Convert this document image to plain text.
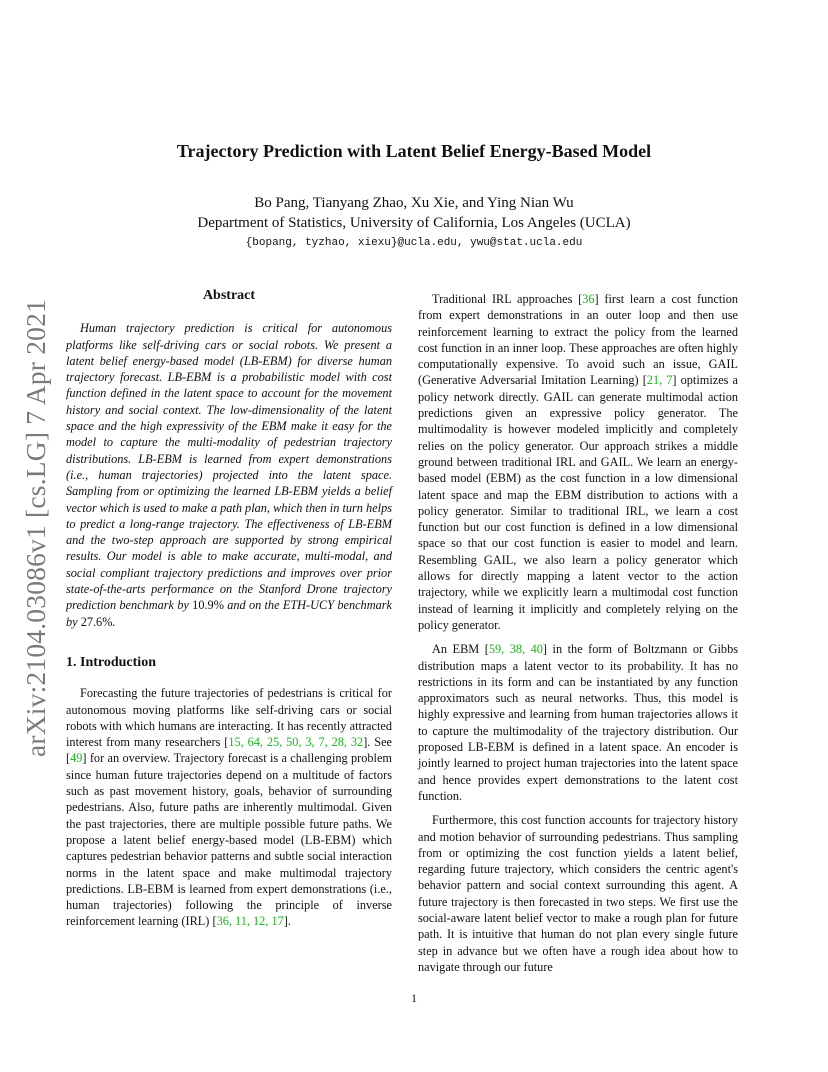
arXiv:2104.03086v1 [cs.LG] 7 Apr 2021
Trajectory Prediction with Latent Belief Energy-Based Model
Bo Pang, Tianyang Zhao, Xu Xie, and Ying Nian Wu
Department of Statistics, University of California, Los Angeles (UCLA)
{bopang, tyzhao, xiexu}@ucla.edu, ywu@stat.ucla.edu
Abstract

Human trajectory prediction is critical for autonomous platforms like self-driving cars or social robots. We present a latent belief energy-based model (LB-EBM) for diverse human trajectory forecast. LB-EBM is a probabilistic model with cost function defined in the latent space to account for the movement history and social context. The low-dimensionality of the latent space and the high expressivity of the EBM make it easy for the model to capture the multi-modality of pedestrian trajectory distributions. LB-EBM is learned from expert demonstrations (i.e., human trajectories) projected into the latent space. Sampling from or optimizing the learned LB-EBM yields a belief vector which is used to make a path plan, which then in turn helps to predict a long-range trajectory. The effectiveness of LB-EBM and the two-step approach are supported by strong empirical results. Our model is able to make accurate, multi-modal, and social compliant trajectory predictions and improves over prior state-of-the-arts performance on the Stanford Drone trajectory prediction benchmark by 10.9% and on the ETH-UCY benchmark by 27.6%.

1. Introduction

Forecasting the future trajectories of pedestrians is critical for autonomous moving platforms like self-driving cars or social robots with which humans are interacting. It has recently attracted interest from many researchers [15, 64, 25, 50, 3, 7, 28, 32]. See [49] for an overview. Trajectory forecast is a challenging problem since human future trajectories depend on a multitude of factors such as past movement history, goals, behavior of surrounding pedestrians. Also, future paths are inherently multimodal. Given the past trajectories, there are multiple possible future paths. We propose a latent belief energy-based model (LB-EBM) which captures pedestrian behavior patterns and subtle social interaction norms in the latent space and make multimodal trajectory predictions. LB-EBM is learned from expert demonstrations (i.e., human trajectories) following the principle of inverse reinforcement learning (IRL) [36, 11, 12, 17].

Traditional IRL approaches [36] first learn a cost function from expert demonstrations in an outer loop and then use reinforcement learning to extract the policy from the learned cost function in an inner loop. These approaches are often highly computationally expensive. To avoid such an issue, GAIL (Generative Adversarial Imitation Learning) [21, 7] optimizes a policy network directly. GAIL can generate multimodal action predictions given an expressive policy generator. The multimodality is however modeled implicitly and completely relies on the policy generator. Our approach strikes a middle ground between traditional IRL and GAIL. We learn an energy-based model (EBM) as the cost function in a low dimensional latent space and map the EBM distribution to actions with a policy generator. Similar to traditional IRL, we learn a cost function but our cost function is defined in a low dimensional space so that our cost function is easier to model and learn. Resembling GAIL, we also learn a policy generator which allows for directly mapping a latent vector to the action trajectory, while we explicitly learn a multimodal cost function instead of learning it implicitly and completely relying on the policy generator.

An EBM [59, 38, 40] in the form of Boltzmann or Gibbs distribution maps a latent vector to its probability. It has no restrictions in its form and can be instantiated by any function approximators such as neural networks. Thus, this model is highly expressive and learning from human trajectories allows it to capture the multimodality of the trajectory distribution. Our proposed LB-EBM is defined in a latent space. An encoder is jointly learned to project human trajectories into the latent space and hence provides expert demonstrations to the latent cost function.

Furthermore, this cost function accounts for trajectory history and motion behavior of surrounding pedestrians. Thus sampling from or optimizing the cost function yields a latent belief, regarding future trajectory, which considers the centric agent's behavior pattern and social context surrounding this agent. A future trajectory is then forecasted in two steps. We first use the social-aware latent belief vector to make a rough plan for future path. It is intuitive that human do not plan every single future step in advance but we often have a rough idea about how to navigate through our future

1
